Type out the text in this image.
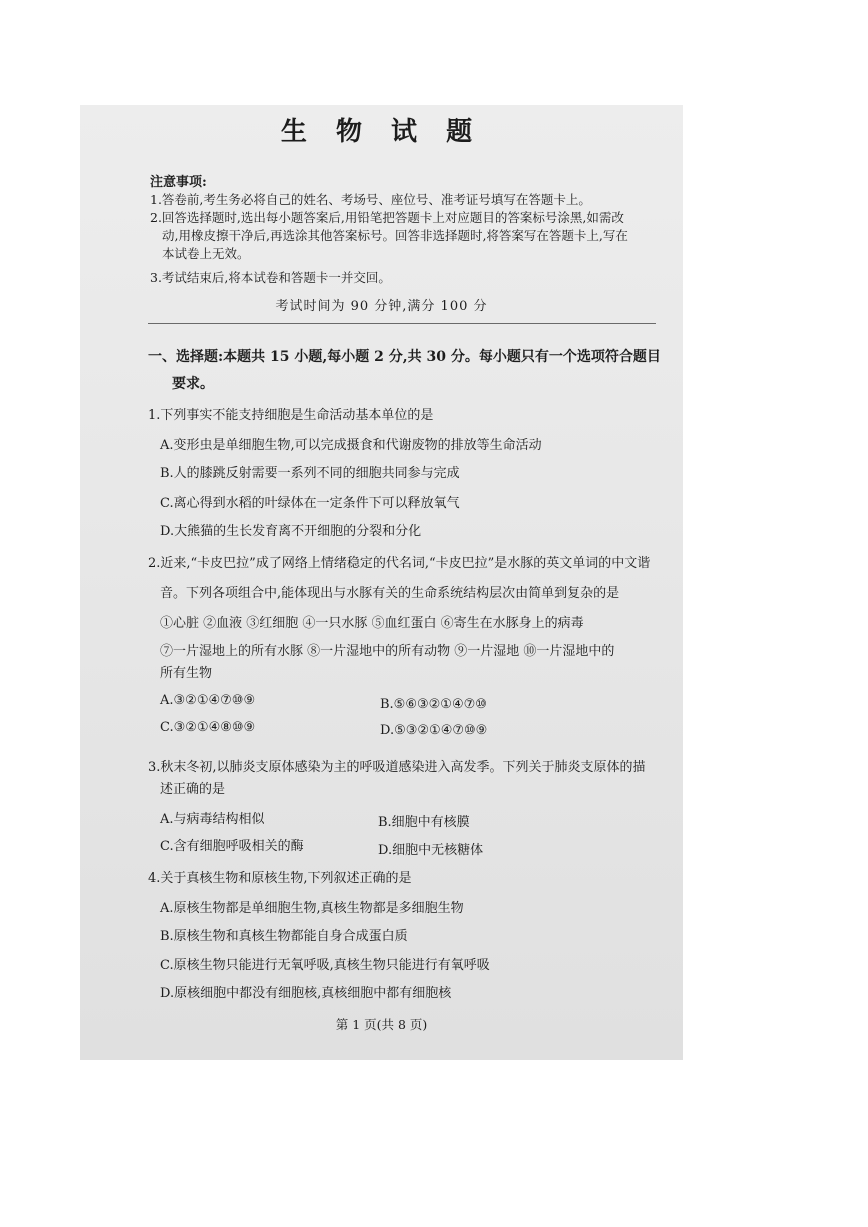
生 物 试 题
注意事项:
1.答卷前,考生务必将自己的姓名、考场号、座位号、准考证号填写在答题卡上。
2.回答选择题时,选出每小题答案后,用铅笔把答题卡上对应题目的答案标号涂黑,如需改
动,用橡皮擦干净后,再选涂其他答案标号。回答非选择题时,将答案写在答题卡上,写在
本试卷上无效。
3.考试结束后,将本试卷和答题卡一并交回。
考试时间为 90 分钟,满分 100 分
一、选择题:本题共 15 小题,每小题 2 分,共 30 分。每小题只有一个选项符合题目
要求。
1.下列事实不能支持细胞是生命活动基本单位的是
A.变形虫是单细胞生物,可以完成摄食和代谢废物的排放等生命活动
B.人的膝跳反射需要一系列不同的细胞共同参与完成
C.离心得到水稻的叶绿体在一定条件下可以释放氧气
D.大熊猫的生长发育离不开细胞的分裂和分化
2.近来,“卡皮巴拉”成了网络上情绪稳定的代名词,“卡皮巴拉”是水豚的英文单词的中文谐
音。下列各项组合中,能体现出与水豚有关的生命系统结构层次由简单到复杂的是
①心脏 ②血液 ③红细胞 ④一只水豚 ⑤血红蛋白 ⑥寄生在水豚身上的病毒
⑦一片湿地上的所有水豚 ⑧一片湿地中的所有动物 ⑨一片湿地 ⑩一片湿地中的
所有生物
A.③②①④⑦⑩⑨	B.⑤⑥③②①④⑦⑩
C.③②①④⑧⑩⑨	D.⑤③②①④⑦⑩⑨
3.秋末冬初,以肺炎支原体感染为主的呼吸道感染进入高发季。下列关于肺炎支原体的描
述正确的是
A.与病毒结构相似	B.细胞中有核膜
C.含有细胞呼吸相关的酶	D.细胞中无核糖体
4.关于真核生物和原核生物,下列叙述正确的是
A.原核生物都是单细胞生物,真核生物都是多细胞生物
B.原核生物和真核生物都能自身合成蛋白质
C.原核生物只能进行无氧呼吸,真核生物只能进行有氧呼吸
D.原核细胞中都没有细胞核,真核细胞中都有细胞核
第 1 页(共 8 页)
